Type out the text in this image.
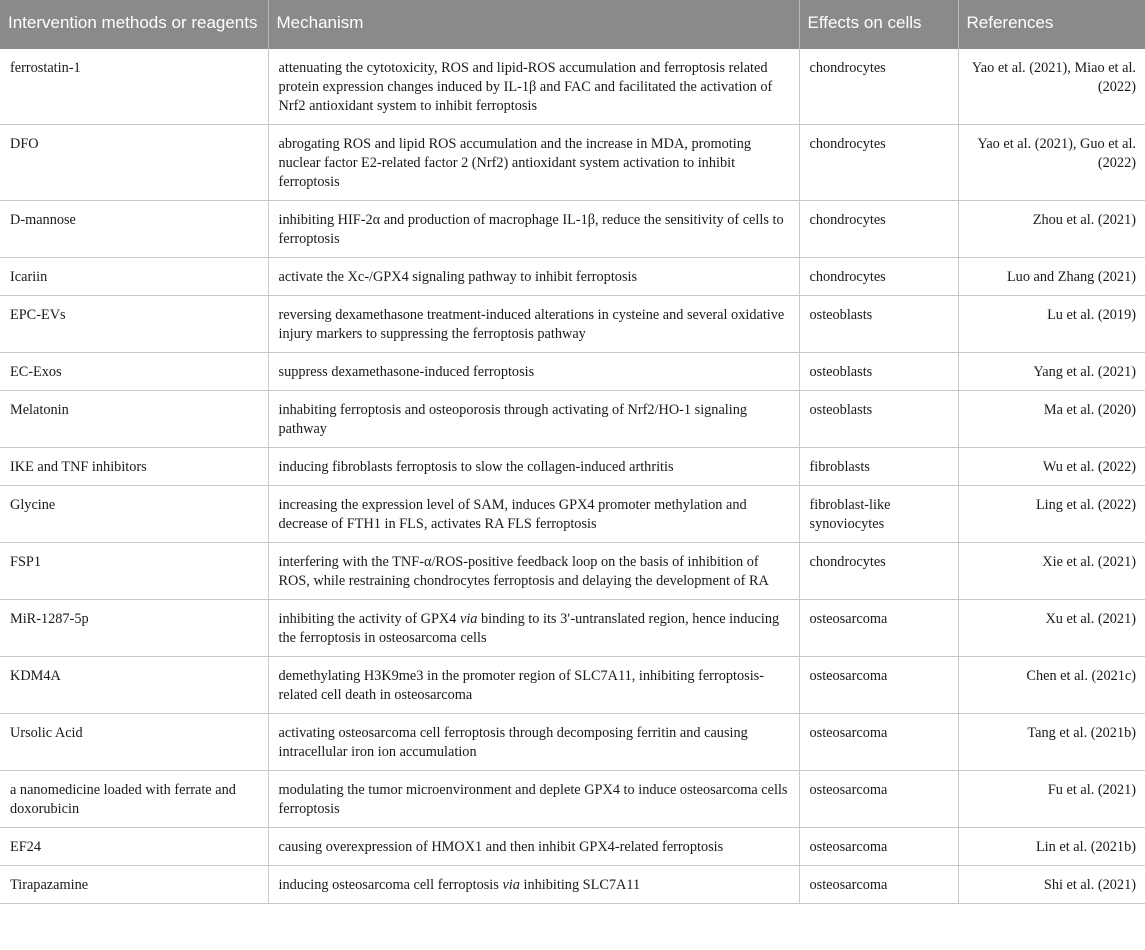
Intervention methods or reagents	Mechanism	Effects on cells	References
ferrostatin-1	attenuating the cytotoxicity, ROS and lipid-ROS accumulation and ferroptosis related protein expression changes induced by IL-1β and FAC and facilitated the activation of Nrf2 antioxidant system to inhibit ferroptosis	chondrocytes	Yao et al. (2021), Miao et al. (2022)
DFO	abrogating ROS and lipid ROS accumulation and the increase in MDA, promoting nuclear factor E2-related factor 2 (Nrf2) antioxidant system activation to inhibit ferroptosis	chondrocytes	Yao et al. (2021), Guo et al. (2022)
D-mannose	inhibiting HIF-2α and production of macrophage IL-1β, reduce the sensitivity of cells to ferroptosis	chondrocytes	Zhou et al. (2021)
Icariin	activate the Xc-/GPX4 signaling pathway to inhibit ferroptosis	chondrocytes	Luo and Zhang (2021)
EPC-EVs	reversing dexamethasone treatment-induced alterations in cysteine and several oxidative injury markers to suppressing the ferroptosis pathway	osteoblasts	Lu et al. (2019)
EC-Exos	suppress dexamethasone-induced ferroptosis	osteoblasts	Yang et al. (2021)
Melatonin	inhabiting ferroptosis and osteoporosis through activating of Nrf2/HO-1 signaling pathway	osteoblasts	Ma et al. (2020)
IKE and TNF inhibitors	inducing fibroblasts ferroptosis to slow the collagen-induced arthritis	fibroblasts	Wu et al. (2022)
Glycine	increasing the expression level of SAM, induces GPX4 promoter methylation and decrease of FTH1 in FLS, activates RA FLS ferroptosis	fibroblast-like synoviocytes	Ling et al. (2022)
FSP1	interfering with the TNF-α/ROS-positive feedback loop on the basis of inhibition of ROS, while restraining chondrocytes ferroptosis and delaying the development of RA	chondrocytes	Xie et al. (2021)
MiR-1287-5p	inhibiting the activity of GPX4 via binding to its 3′-untranslated region, hence inducing the ferroptosis in osteosarcoma cells	osteosarcoma	Xu et al. (2021)
KDM4A	demethylating H3K9me3 in the promoter region of SLC7A11, inhibiting ferroptosis-related cell death in osteosarcoma	osteosarcoma	Chen et al. (2021c)
Ursolic Acid	activating osteosarcoma cell ferroptosis through decomposing ferritin and causing intracellular iron ion accumulation	osteosarcoma	Tang et al. (2021b)
a nanomedicine loaded with ferrate and doxorubicin	modulating the tumor microenvironment and deplete GPX4 to induce osteosarcoma cells ferroptosis	osteosarcoma	Fu et al. (2021)
EF24	causing overexpression of HMOX1 and then inhibit GPX4-related ferroptosis	osteosarcoma	Lin et al. (2021b)
Tirapazamine	inducing osteosarcoma cell ferroptosis via inhibiting SLC7A11	osteosarcoma	Shi et al. (2021)
